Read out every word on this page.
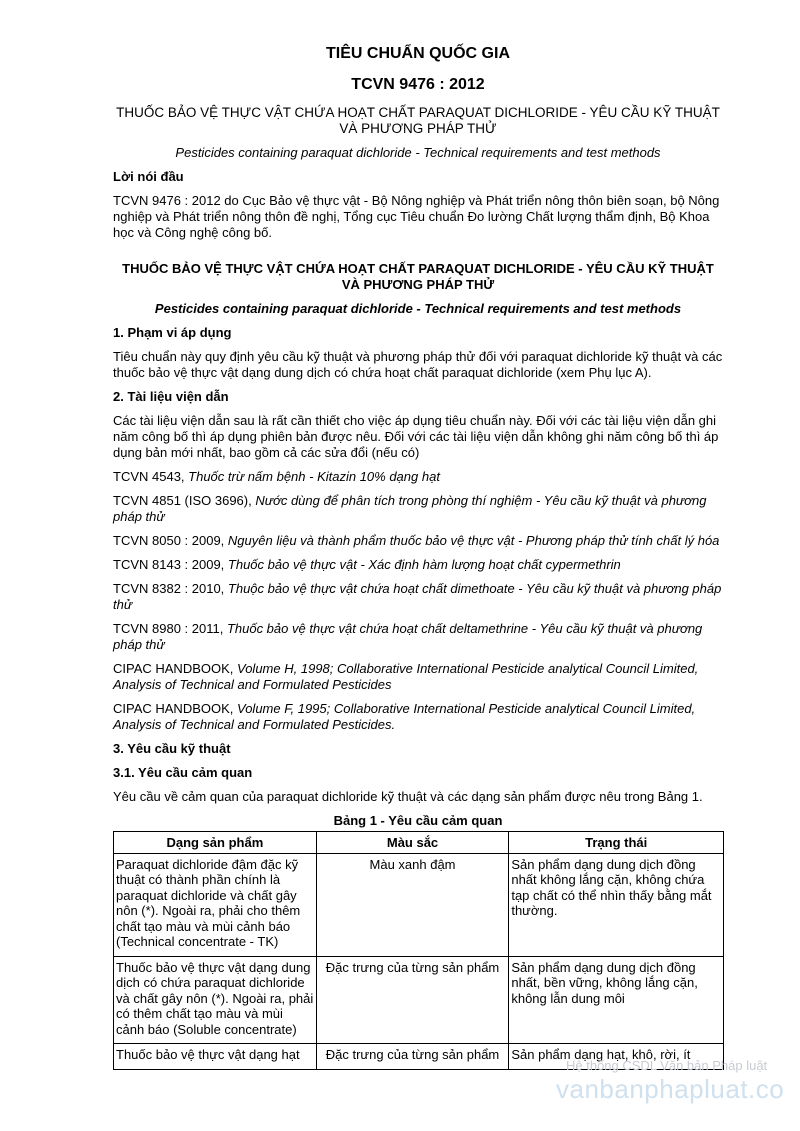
TIÊU CHUẨN QUỐC GIA
TCVN 9476 : 2012
THUỐC BẢO VỆ THỰC VẬT CHỨA HOẠT CHẤT PARAQUAT DICHLORIDE - YÊU CẦU KỸ THUẬT VÀ PHƯƠNG PHÁP THỬ
Pesticides containing paraquat dichloride - Technical requirements and test methods
Lời nói đầu

TCVN 9476 : 2012 do Cục Bảo vệ thực vật - Bộ Nông nghiệp và Phát triển nông thôn biên soạn, bộ Nông nghiệp và Phát triển nông thôn đề nghị, Tổng cục Tiêu chuẩn Đo lường Chất lượng thẩm định, Bộ Khoa học và Công nghệ công bố.

THUỐC BẢO VỆ THỰC VẬT CHỨA HOẠT CHẤT PARAQUAT DICHLORIDE - YÊU CẦU KỸ THUẬT VÀ PHƯƠNG PHÁP THỬ
Pesticides containing paraquat dichloride - Technical requirements and test methods
1. Phạm vi áp dụng

Tiêu chuẩn này quy định yêu cầu kỹ thuật và phương pháp thử đối với paraquat dichloride kỹ thuật và các thuốc bảo vệ thực vật dạng dung dịch có chứa hoạt chất paraquat dichloride (xem Phụ lục A).

2. Tài liệu viện dẫn

Các tài liệu viện dẫn sau là rất cần thiết cho việc áp dụng tiêu chuẩn này. Đối với các tài liệu viện dẫn ghi năm công bố thì áp dụng phiên bản được nêu. Đối với các tài liệu viện dẫn không ghi năm công bố thì áp dụng bản mới nhất, bao gồm cả các sửa đổi (nếu có)

TCVN 4543, Thuốc trừ nấm bệnh - Kitazin 10% dạng hạt

TCVN 4851 (ISO 3696), Nước dùng để phân tích trong phòng thí nghiệm - Yêu cầu kỹ thuật và phương pháp thử

TCVN 8050 : 2009, Nguyên liệu và thành phẩm thuốc bảo vệ thực vật - Phương pháp thử tính chất lý hóa

TCVN 8143 : 2009, Thuốc bảo vệ thực vật - Xác định hàm lượng hoạt chất cypermethrin

TCVN 8382 : 2010, Thuộc bảo vệ thực vật chứa hoạt chất dimethoate - Yêu cầu kỹ thuật và phương pháp thử

TCVN 8980 : 2011, Thuốc bảo vệ thực vật chứa hoạt chất deltamethrine - Yêu cầu kỹ thuật và phương pháp thử

CIPAC HANDBOOK, Volume H, 1998; Collaborative International Pesticide analytical Council Limited, Analysis of Technical and Formulated Pesticides

CIPAC HANDBOOK, Volume F, 1995; Collaborative International Pesticide analytical Council Limited, Analysis of Technical and Formulated Pesticides.

3. Yêu cầu kỹ thuật
3.1. Yêu cầu cảm quan

Yêu cầu về cảm quan của paraquat dichloride kỹ thuật và các dạng sản phẩm được nêu trong Bảng 1.

Bảng 1 - Yêu cầu cảm quan
Dạng sản phẩm	Màu sắc	Trạng thái
Paraquat dichloride đậm đặc kỹ thuật có thành phần chính là paraquat dichloride và chất gây nôn (*). Ngoài ra, phải cho thêm chất tạo màu và mùi cảnh báo (Technical concentrate - TK)	Màu xanh đậm	Sản phẩm dạng dung dịch đồng nhất không lắng cặn, không chứa tạp chất có thể nhìn thấy bằng mắt thường.
Thuốc bảo vệ thực vật dạng dung dịch có chứa paraquat dichloride và chất gây nôn (*). Ngoài ra, phải có thêm chất tạo màu và mùi cảnh báo (Soluble concentrate)	Đặc trưng của từng sản phẩm	Sản phẩm dạng dung dịch đồng nhất, bền vững, không lắng cặn, không lẫn dung môi
Thuốc bảo vệ thực vật dạng hạt	Đặc trưng của từng sản phẩm	Sản phẩm dạng hạt, khô, rời, ít
Hệ thống CSDL Văn bản Pháp luật
vanbanphapluat.co
